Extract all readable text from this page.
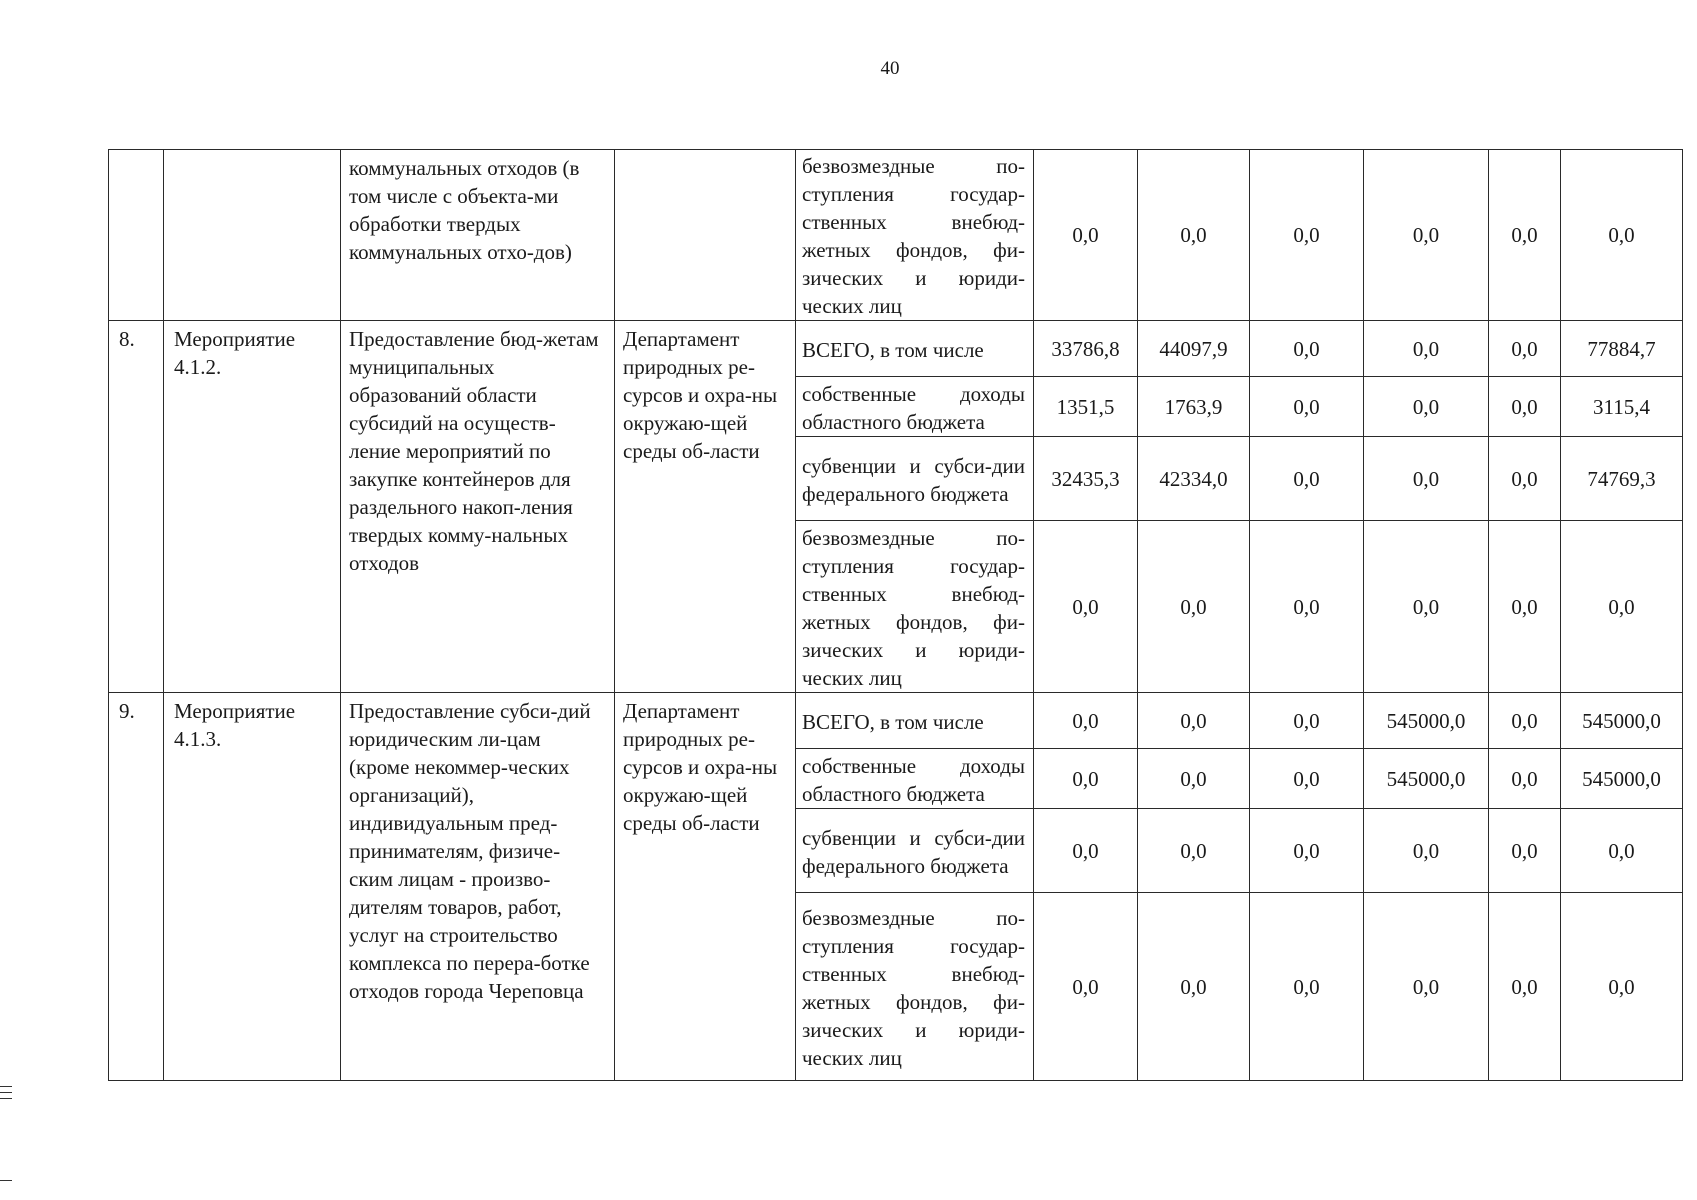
40
		коммунальных отходов (в том числе с объекта-ми обработки твердых коммунальных отхо-дов)		безвозмездные по-ступления государ-ственных внебюд-жетных фондов, фи-зических и юриди-ческих лиц	0,0	0,0	0,0	0,0	0,0	0,0
8.	Мероприятие 4.1.2.	Предоставление бюд-жетам муниципальных образований области субсидий на осуществ-ление мероприятий по закупке контейнеров для раздельного накоп-ления твердых комму-нальных отходов	Департамент природных ре-сурсов и охра-ны окружаю-щей среды об-ласти	ВСЕГО, в том числе	33786,8	44097,9	0,0	0,0	0,0	77884,7
				собственные доходы областного бюджета	1351,5	1763,9	0,0	0,0	0,0	3115,4
				субвенции и субси-дии федерального бюджета	32435,3	42334,0	0,0	0,0	0,0	74769,3
				безвозмездные по-ступления государ-ственных внебюд-жетных фондов, фи-зических и юриди-ческих лиц	0,0	0,0	0,0	0,0	0,0	0,0
9.	Мероприятие 4.1.3.	Предоставление субси-дий юридическим ли-цам (кроме некоммер-ческих организаций), индивидуальным пред-принимателям, физиче-ским лицам - произво-дителям товаров, работ, услуг на строительство комплекса по перера-ботке отходов города Череповца	Департамент природных ре-сурсов и охра-ны окружаю-щей среды об-ласти	ВСЕГО, в том числе	0,0	0,0	0,0	545000,0	0,0	545000,0
				собственные доходы областного бюджета	0,0	0,0	0,0	545000,0	0,0	545000,0
				субвенции и субси-дии федерального бюджета	0,0	0,0	0,0	0,0	0,0	0,0
				безвозмездные по-ступления государ-ственных внебюд-жетных фондов, фи-зических и юриди-ческих лиц	0,0	0,0	0,0	0,0	0,0	0,0
